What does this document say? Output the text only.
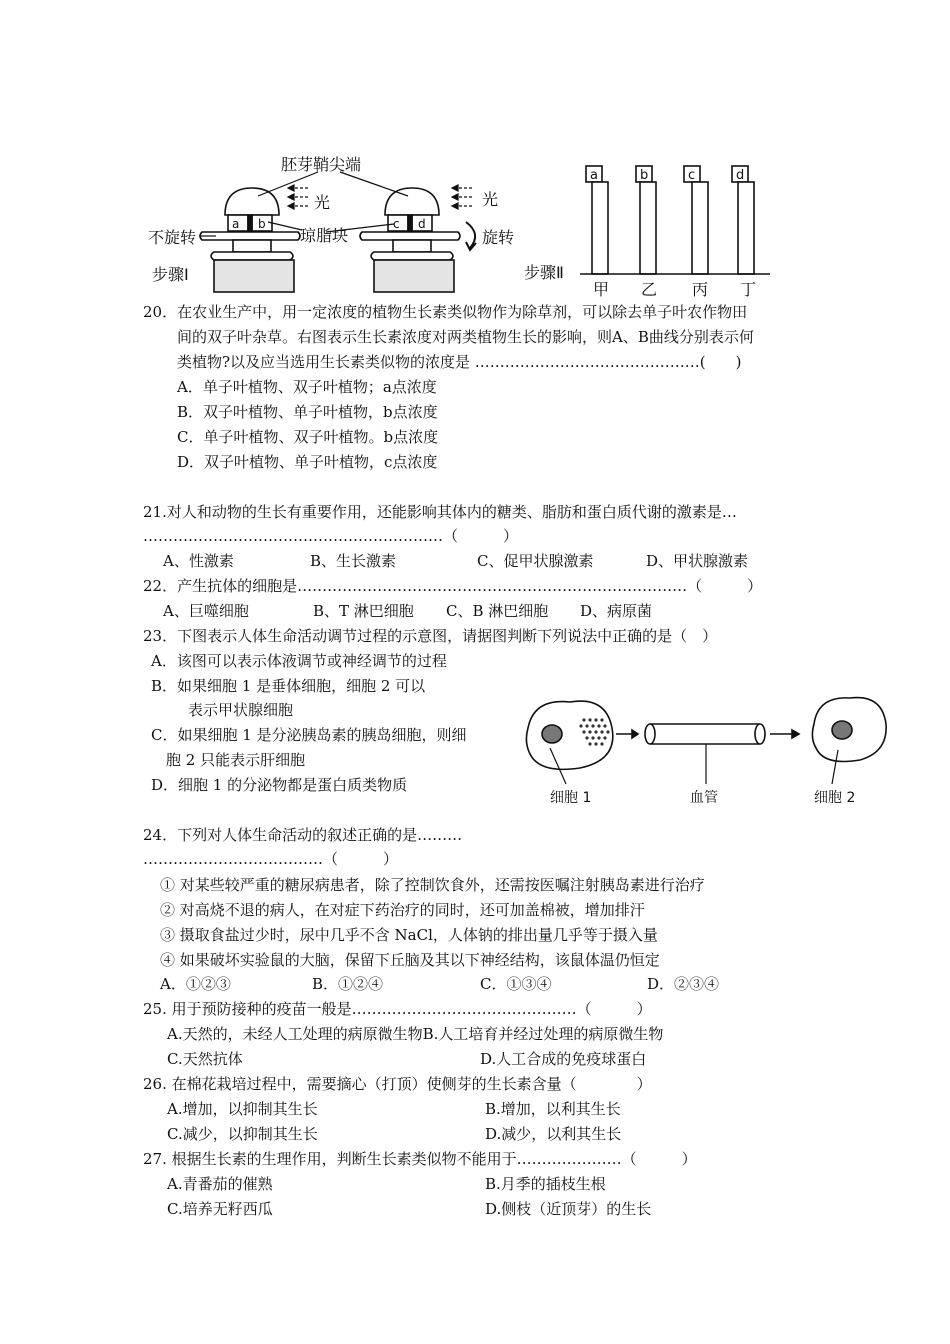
胚芽鞘尖端
光	光
琼脂块
不旋转	旋转
步骤Ⅰ
a b	c d
a	b	c	d
步骤Ⅱ
甲 乙 丙 丁
20．在农业生产中，用一定浓度的植物生长素类似物作为除草剂，可以除去单子叶农作物田
间的双子叶杂草。右图表示生长素浓度对两类植物生长的影响，则A、B曲线分别表示何
类植物?以及应当选用生长素类似物的浓度是 ………………………………………(　　)
A．单子叶植物、双子叶植物；a点浓度
B．双子叶植物、单子叶植物，b点浓度
C．单子叶植物、双子叶植物。b点浓度
D．双子叶植物、单子叶植物，c点浓度
21.对人和动物的生长有重要作用，还能影响其体内的糖类、脂肪和蛋白质代谢的激素是…
……………………………………………………（　　　）
A、性激素	B、生长激素	C、促甲状腺激素	D、甲状腺激素
22．产生抗体的细胞是……………………………………………………………………（　　　）
A、巨噬细胞	B、T 淋巴细胞 C、B 淋巴细胞 D、病原菌
23．下图表示人体生命活动调节过程的示意图，请据图判断下列说法中正确的是（　）
A．该图可以表示体液调节或神经调节的过程
B．如果细胞 1 是垂体细胞，细胞 2 可以
表示甲状腺细胞
C．如果细胞 1 是分泌胰岛素的胰岛细胞，则细
胞 2 只能表示肝细胞
D．细胞 1 的分泌物都是蛋白质类物质
细胞 1	血管	细胞 2
24．下列对人体生命活动的叙述正确的是………
………………………………（　　　）
① 对某些较严重的糖尿病患者，除了控制饮食外，还需按医嘱注射胰岛素进行治疗
② 对高烧不退的病人，在对症下药治疗的同时，还可加盖棉被，增加排汗
③ 摄取食盐过少时，尿中几乎不含 NaCl，人体钠的排出量几乎等于摄入量
④ 如果破坏实验鼠的大脑，保留下丘脑及其以下神经结构，该鼠体温仍恒定
A．①②③	B．①②④	C．①③④	D．②③④
25. 用于预防接种的疫苗一般是………………………………………（　　　）
A.天然的，未经人工处理的病原微生物B.人工培育并经过处理的病原微生物
C.天然抗体	D.人工合成的免疫球蛋白
26. 在棉花栽培过程中，需要摘心（打顶）使侧芽的生长素含量（　　　　）
A.增加，以抑制其生长	B.增加，以利其生长
C.减少，以抑制其生长	D.减少，以利其生长
27. 根据生长素的生理作用，判断生长素类似物不能用于…………………（　　　）
A.青番茄的催熟	B.月季的插枝生根
C.培养无籽西瓜	D.侧枝（近顶芽）的生长
